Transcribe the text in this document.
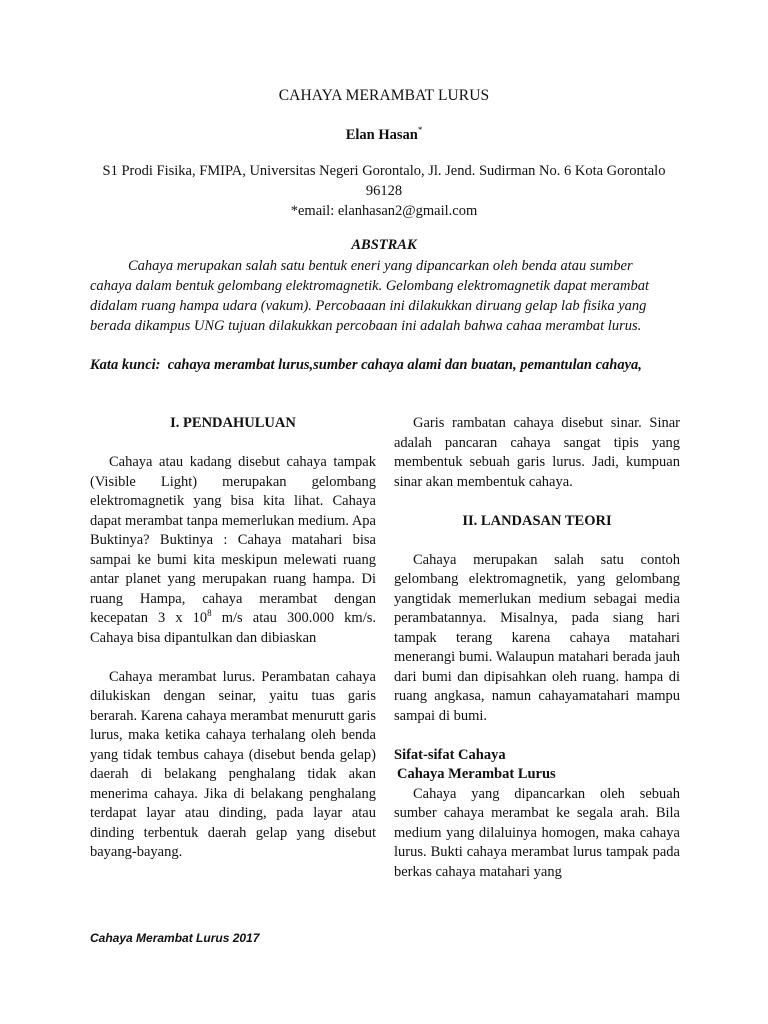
CAHAYA MERAMBAT LURUS
Elan Hasan*
S1 Prodi Fisika, FMIPA, Universitas Negeri Gorontalo, Jl. Jend. Sudirman No. 6 Kota Gorontalo 96128
*email: elanhasan2@gmail.com
ABSTRAK

Cahaya merupakan salah satu bentuk eneri yang dipancarkan oleh benda atau sumber cahaya dalam bentuk gelombang elektromagnetik. Gelombang elektromagnetik dapat merambat didalam ruang hampa udara (vakum). Percobaaan ini dilakukkan diruang gelap lab fisika yang berada dikampus UNG tujuan dilakukkan percobaan ini adalah bahwa cahaa merambat lurus.

Kata kunci: cahaya merambat lurus,sumber cahaya alami dan buatan, pemantulan cahaya,

I. PENDAHULUAN

Cahaya atau kadang disebut cahaya tampak (Visible Light) merupakan gelombang elektromagnetik yang bisa kita lihat. Cahaya dapat merambat tanpa memerlukan medium. Apa Buktinya? Buktinya : Cahaya matahari bisa sampai ke bumi kita meskipun melewati ruang antar planet yang merupakan ruang hampa. Di ruang Hampa, cahaya merambat dengan kecepatan 3 x $10^8$ m/s atau 300.000 km/s. Cahaya bisa dipantulkan dan dibiaskan

Cahaya merambat lurus. Perambatan cahaya dilukiskan dengan seinar, yaitu tuas garis berarah. Karena cahaya merambat menurutt garis lurus, maka ketika cahaya terhalang oleh benda yang tidak tembus cahaya (disebut benda gelap) daerah di belakang penghalang tidak akan menerima cahaya. Jika di belakang penghalang terdapat layar atau dinding, pada layar atau dinding terbentuk daerah gelap yang disebut bayang-bayang.

Garis rambatan cahaya disebut sinar. Sinar adalah pancaran cahaya sangat tipis yang membentuk sebuah garis lurus. Jadi, kumpuan sinar akan membentuk cahaya.

II. LANDASAN TEORI

Cahaya merupakan salah satu contoh gelombang elektromagnetik, yang gelombang yangtidak memerlukan medium sebagai media perambatannya. Misalnya, pada siang hari tampak terang karena cahaya matahari menerangi bumi. Walaupun matahari berada jauh dari bumi dan dipisahkan oleh ruang. hampa di ruang angkasa, namun cahayamatahari mampu sampai di bumi.

Sifat-sifat Cahaya
Cahaya Merambat Lurus

Cahaya yang dipancarkan oleh sebuah sumber cahaya merambat ke segala arah. Bila medium yang dilaluinya homogen, maka cahaya lurus. Bukti cahaya merambat lurus tampak pada berkas cahaya matahari yang

Cahaya Merambat Lurus 2017
